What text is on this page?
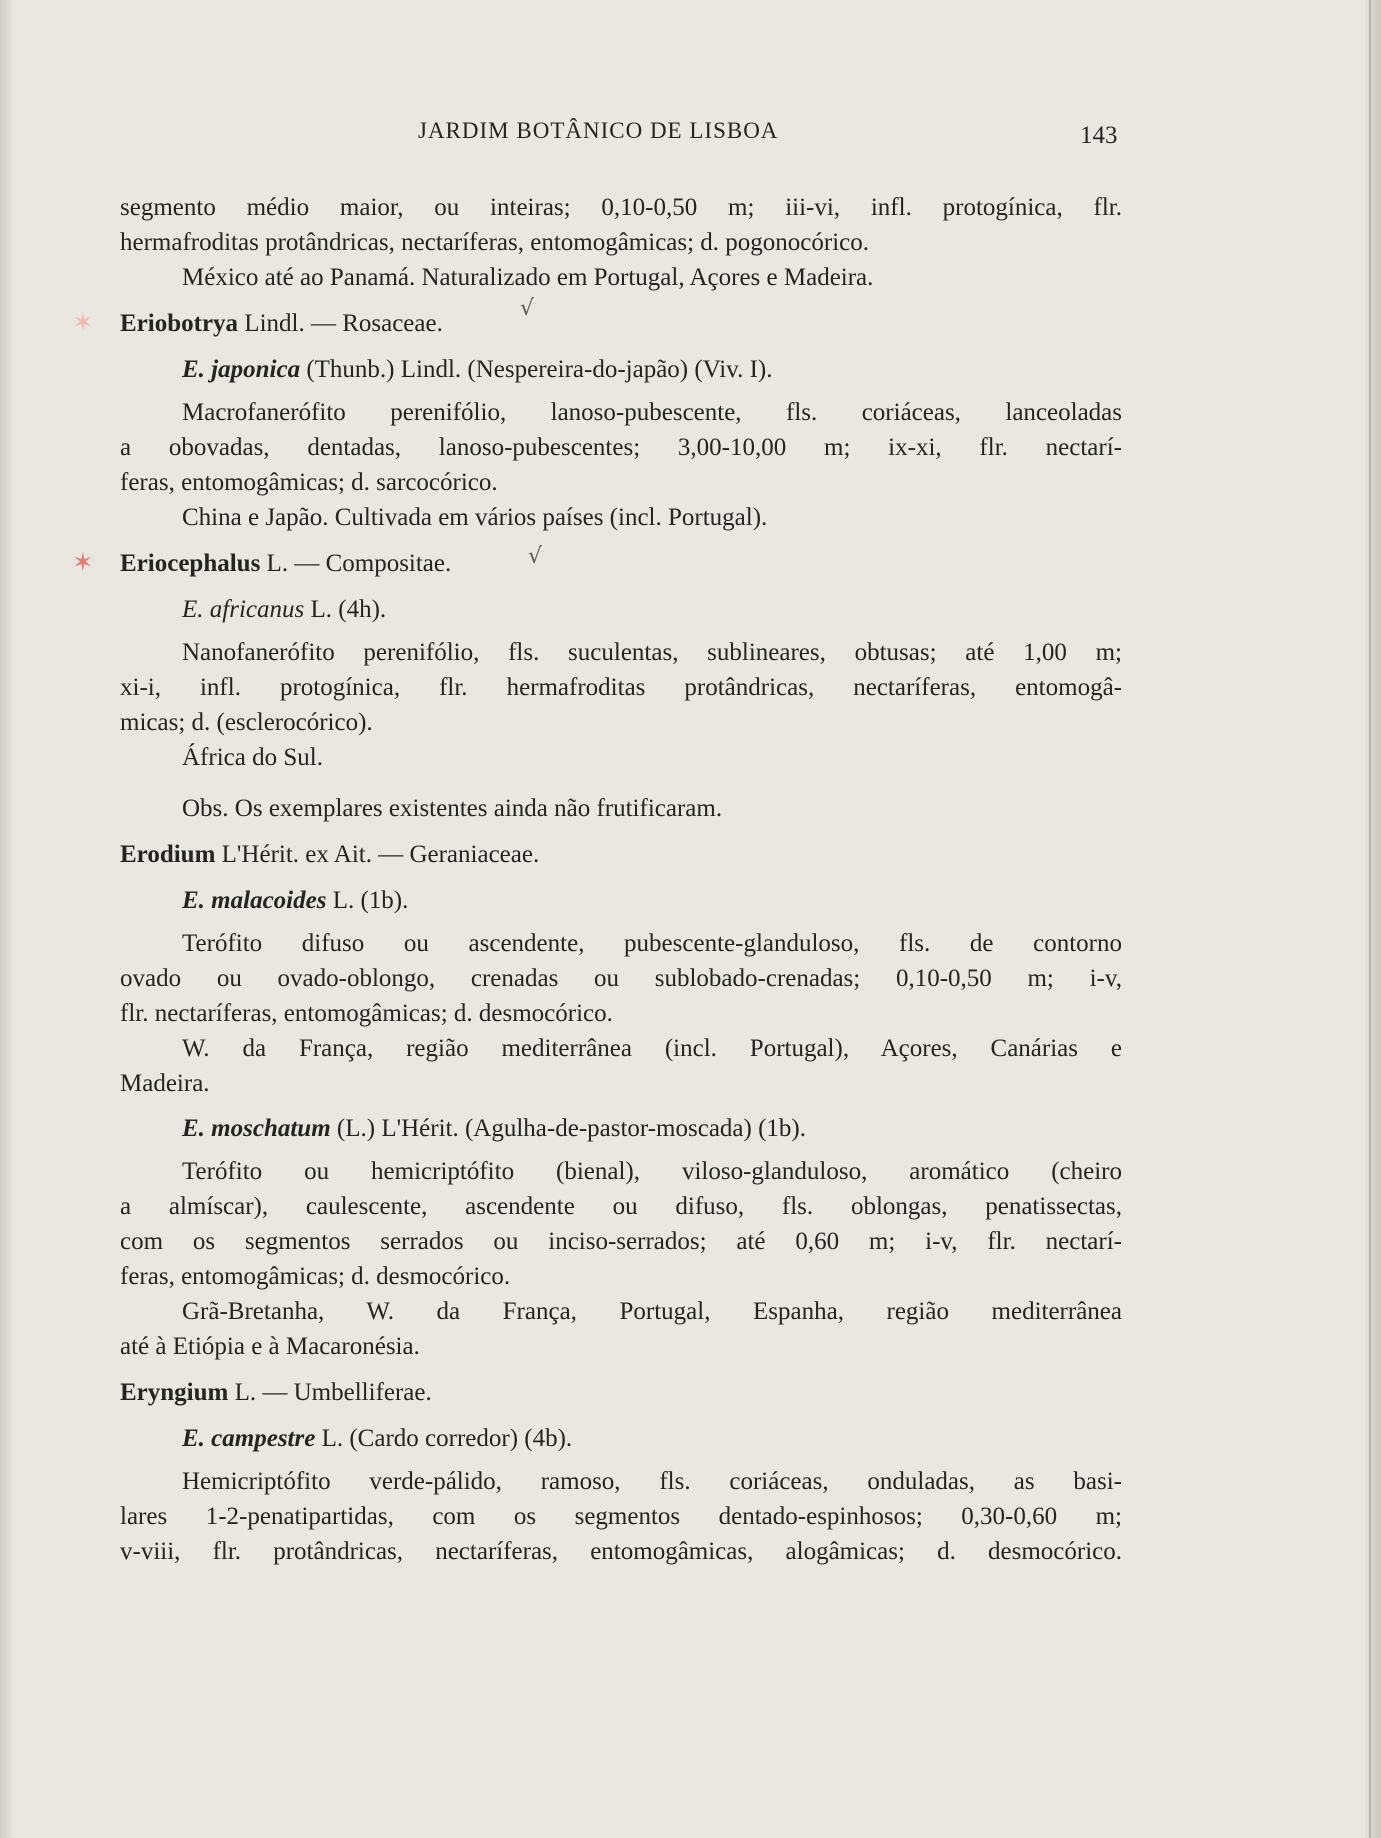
JARDIM BOTÂNICO DE LISBOA	143
segmento médio maior, ou inteiras; 0,10-0,50 m; iii-vi, infl. protogínica, flr.
hermafroditas protândricas, nectaríferas, entomogâmicas; d. pogonocórico.
México até ao Panamá. Naturalizado em Portugal, Açores e Madeira.
✶ Eriobotrya Lindl. — Rosaceae.
√
E. japonica (Thunb.) Lindl. (Nespereira-do-japão) (Viv. I).
Macrofanerófito perenifólio, lanoso-pubescente, fls. coriáceas, lanceoladas
a obovadas, dentadas, lanoso-pubescentes; 3,00-10,00 m; ix-xi, flr. nectarí-
feras, entomogâmicas; d. sarcocórico.
China e Japão. Cultivada em vários países (incl. Portugal).
✶ Eriocephalus L. — Compositae.	√
E. africanus L. (4h).
Nanofanerófito perenifólio, fls. suculentas, sublineares, obtusas; até 1,00 m;
xi-i, infl. protogínica, flr. hermafroditas protândricas, nectaríferas, entomogâ-
micas; d. (esclerocórico).
África do Sul.
Obs. Os exemplares existentes ainda não frutificaram.
Erodium L'Hérit. ex Ait. — Geraniaceae.
E. malacoides L. (1b).
Terófito difuso ou ascendente, pubescente-glanduloso, fls. de contorno
ovado ou ovado-oblongo, crenadas ou sublobado-crenadas; 0,10-0,50 m; i-v,
flr. nectaríferas, entomogâmicas; d. desmocórico.
W. da França, região mediterrânea (incl. Portugal), Açores, Canárias e
Madeira.
E. moschatum (L.) L'Hérit. (Agulha-de-pastor-moscada) (1b).
Terófito ou hemicriptófito (bienal), viloso-glanduloso, aromático (cheiro
a almíscar), caulescente, ascendente ou difuso, fls. oblongas, penatissectas,
com os segmentos serrados ou inciso-serrados; até 0,60 m; i-v, flr. nectarí-
feras, entomogâmicas; d. desmocórico.
Grã-Bretanha, W. da França, Portugal, Espanha, região mediterrânea
até à Etiópia e à Macaronésia.
Eryngium L. — Umbelliferae.
E. campestre L. (Cardo corredor) (4b).
Hemicriptófito verde-pálido, ramoso, fls. coriáceas, onduladas, as basi-
lares 1-2-penatipartidas, com os segmentos dentado-espinhosos; 0,30-0,60 m;
v-viii, flr. protândricas, nectaríferas, entomogâmicas, alogâmicas; d. desmocórico.
